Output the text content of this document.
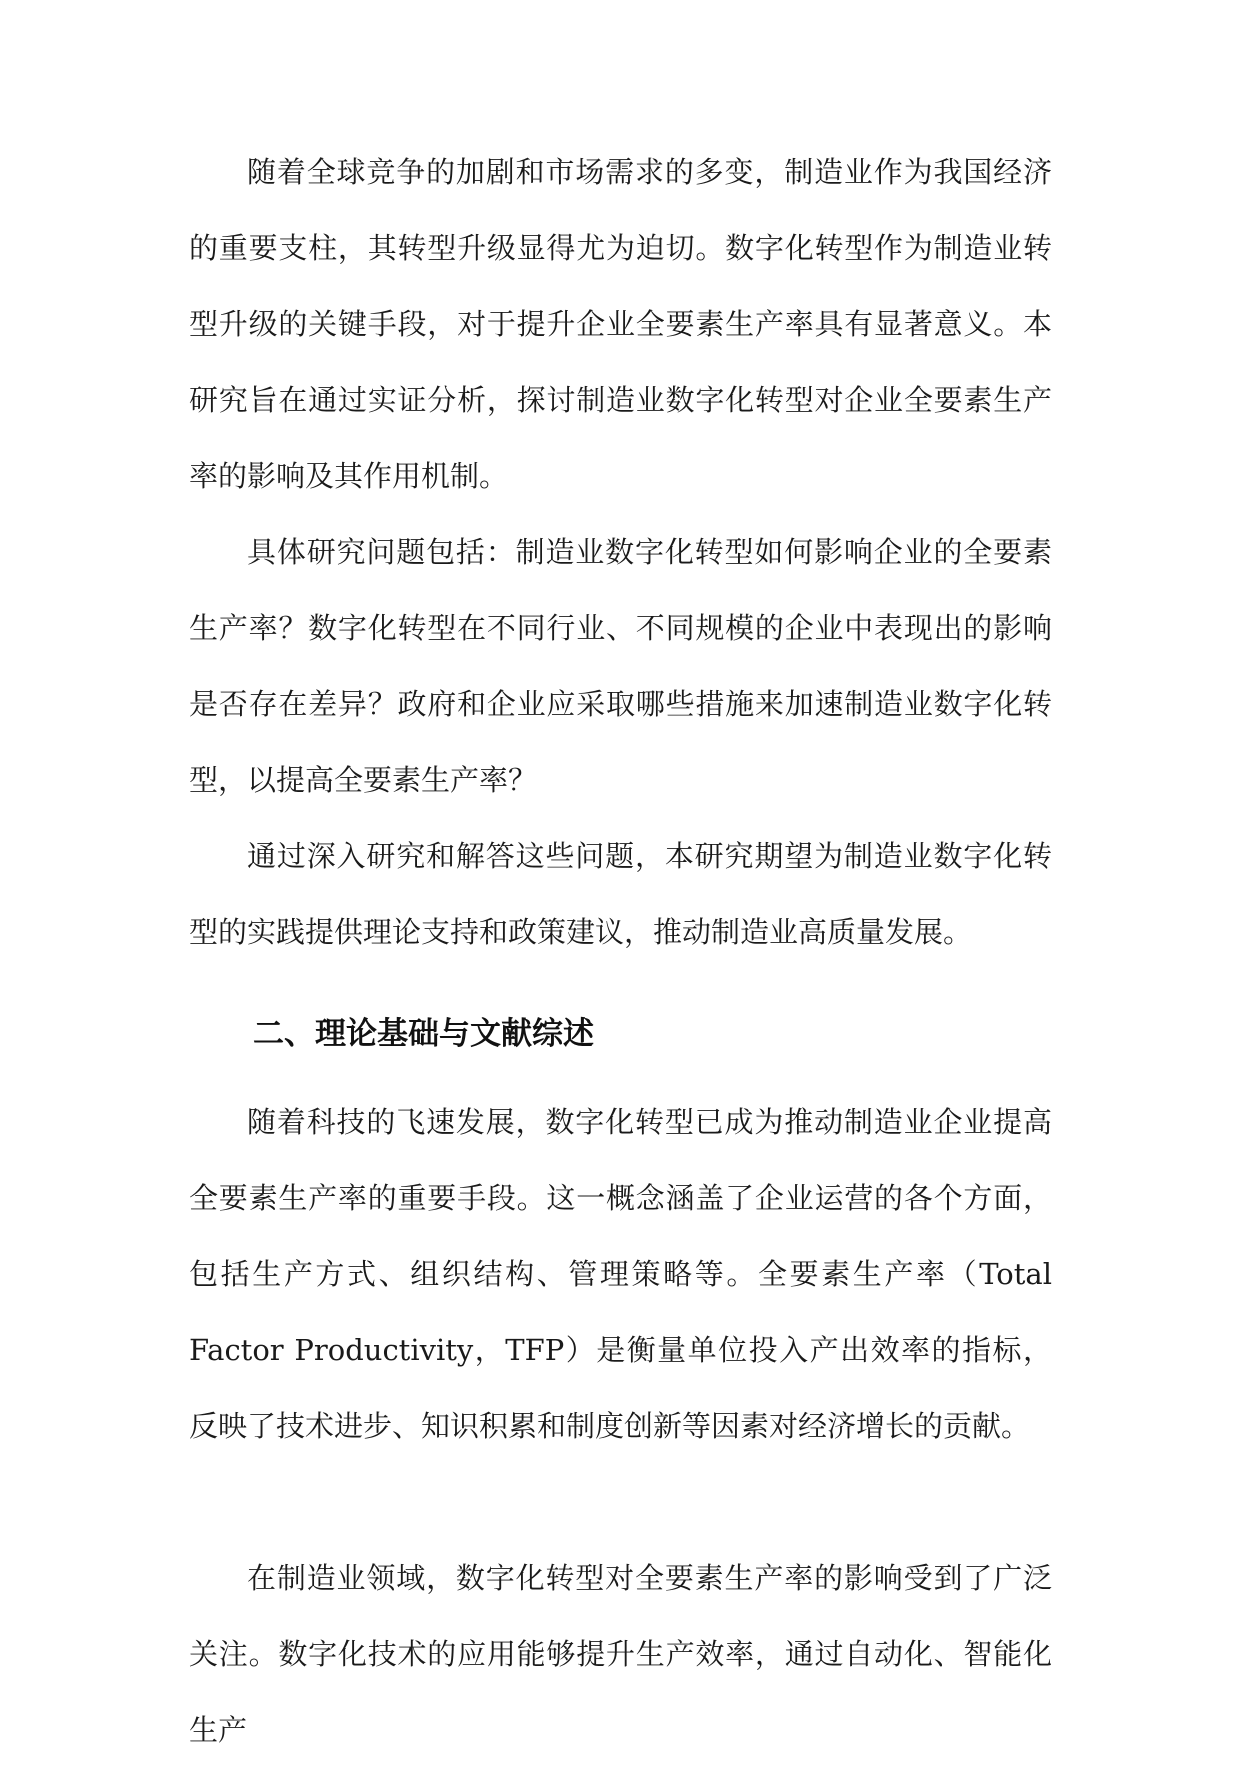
随着全球竞争的加剧和市场需求的多变，制造业作为我国经济的重要支柱，其转型升级显得尤为迫切。数字化转型作为制造业转型升级的关键手段，对于提升企业全要素生产率具有显著意义。本研究旨在通过实证分析，探讨制造业数字化转型对企业全要素生产率的影响及其作用机制。

具体研究问题包括：制造业数字化转型如何影响企业的全要素生产率？数字化转型在不同行业、不同规模的企业中表现出的影响是否存在差异？政府和企业应采取哪些措施来加速制造业数字化转型，以提高全要素生产率？

通过深入研究和解答这些问题，本研究期望为制造业数字化转型的实践提供理论支持和政策建议，推动制造业高质量发展。

二、理论基础与文献综述

随着科技的飞速发展，数字化转型已成为推动制造业企业提高全要素生产率的重要手段。这一概念涵盖了企业运营的各个方面，包括生产方式、组织结构、管理策略等。全要素生产率（Total Factor Productivity，TFP）是衡量单位投入产出效率的指标，反映了技术进步、知识积累和制度创新等因素对经济增长的贡献。

在制造业领域，数字化转型对全要素生产率的影响受到了广泛关注。数字化技术的应用能够提升生产效率，通过自动化、智能化生产
